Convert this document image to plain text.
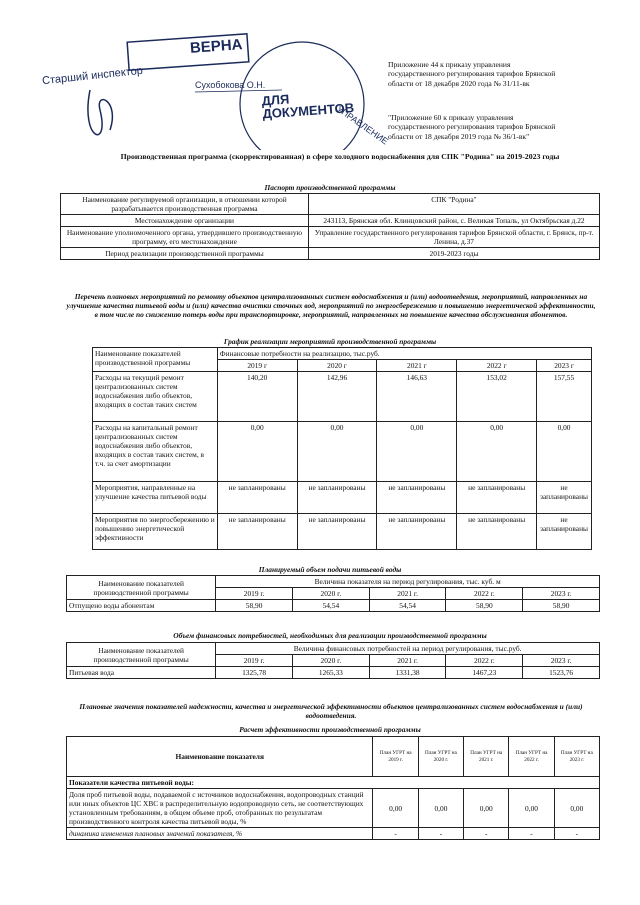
ВЕРНА
Старший инспектор	Сухобокова О.Н.
ДЛЯ ДОКУМЕНТОВ
УПРАВЛЕНИЕ
Приложение 44 к приказу управления
государственного регулирования тарифов Брянской
области от 18 декабря 2020 года № 31/11-вк
"Приложение 60 к приказу управления
государственного регулирования тарифов Брянской
области от 18 декабря 2019 года № 36/1-вк"
Производственная программа (скорректированная) в сфере холодного водоснабжения для СПК "Родина" на 2019-2023 годы
Паспорт производственной программы
Наименование регулируемой организации, в отношении которой разрабатывается производственная программа	СПК "Родина"
Местонахождение организации	243113, Брянская обл. Клинцовский район, с. Великая Топаль, ул Октябрьская д.22
Наименование уполномоченного органа, утвердившего производственную программу, его местонахождение	Управление государственного регулирования тарифов Брянской области, г. Брянск, пр-т. Ленина, д.37
Период реализации производственной программы	2019-2023 годы
Перечень плановых мероприятий по ремонту объектов централизованных систем водоснабжения и (или) водоотведения, мероприятий, направленных на улучшение качества питьевой воды и (или) качества очистки сточных вод, мероприятий по энергосбережению и повышению энергетической эффективности, в том числе по снижению потерь воды при транспортировке, мероприятий, направленных на повышение качества обслуживания абонентов.
График реализации мероприятий производственной программы
Наименование показателей производственной программы	Финансовые потребности на реализацию, тыс.руб.				
	2019 г	2020 г	2021 г	2022 г	2023 г
Расходы на текущий ремонт централизованных систем водоснабжения либо объектов, входящих в состав таких систем	140,20	142,96	146,63	153,02	157,55
Расходы на капитальный ремонт централизованных систем водоснабжения либо объектов, входящих в состав таких систем, в т.ч. за счет амортизации	0,00	0,00	0,00	0,00	0,00
Мероприятия, направленные на улучшение качества питьевой воды	не запланированы	не запланированы	не запланированы	не запланированы	не запланированы
Мероприятия по энергосбережению и повышению энергетической эффективности	не запланированы	не запланированы	не запланированы	не запланированы	не запланированы
Планируемый объем подачи питьевой воды
Наименование показателей производственной программы	Величина показателя на период регулирования, тыс. куб. м				
	2019 г.	2020 г.	2021 г.	2022 г.	2023 г.
Отпущено воды абонентам	58,90	54,54	54,54	58,90	58,90
Объем финансовых потребностей, необходимых для реализации производственной программы
Наименование показателей производственной программы	Величина финансовых потребностей на период регулирования, тыс.руб.				
	2019 г.	2020 г.	2021 г.	2022 г.	2023 г.
Питьевая вода	1325,78	1265,33	1331,38	1467,23	1523,76
Плановые значения показателей надежности, качества и энергетической эффективности объектов централизованных систем водоснабжения и (или) водоотведения.
Расчет эффективности производственной программы
Наименование показателя	План УГРТ на 2019 г.	План УГРТ на 2020 г.	План УГРТ на 2021 г.	План УГРТ на 2022 г.	План УГРТ на 2023 г.
Показатели качества питьевой воды:					
Доля проб питьевой воды, подаваемой с источников водоснабжения, водопроводных станций или иных объектов ЦС ХВС в распределительную водопроводную сеть, не соответствующих установленным требованиям, в общем объеме проб, отобранных по результатам производственного контроля качества питьевой воды, %	0,00	0,00	0,00	0,00	0,00
динамика изменения плановых значений показателя, %	-	-	-	-	-
